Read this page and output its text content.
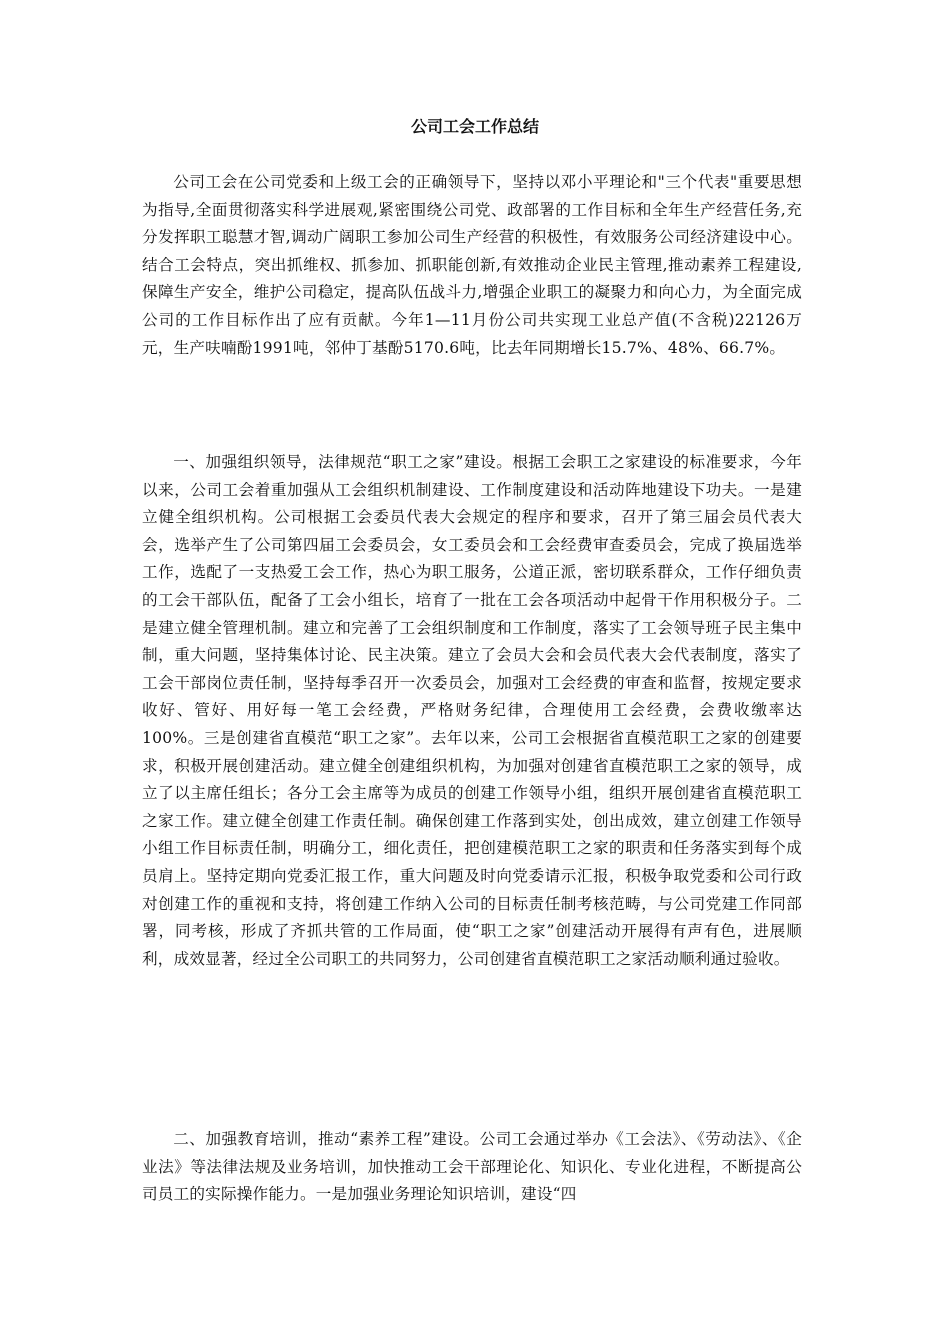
公司工会工作总结

公司工会在公司党委和上级工会的正确领导下，坚持以邓小平理论和"三个代表"重要思想为指导,全面贯彻落实科学进展观,紧密围绕公司党、政部署的工作目标和全年生产经营任务,充分发挥职工聪慧才智,调动广阔职工参加公司生产经营的积极性，有效服务公司经济建设中心。结合工会特点，突出抓维权、抓参加、抓职能创新,有效推动企业民主管理,推动素养工程建设,保障生产安全，维护公司稳定，提高队伍战斗力,增强企业职工的凝聚力和向心力，为全面完成公司的工作目标作出了应有贡献。今年1—11月份公司共实现工业总产值(不含税)22126万元，生产呋喃酚1991吨，邻仲丁基酚5170.6吨，比去年同期增长15.7%、48%、66.7%。

一、加强组织领导，法律规范“职工之家”建设。根据工会职工之家建设的标准要求，今年以来，公司工会着重加强从工会组织机制建设、工作制度建设和活动阵地建设下功夫。一是建立健全组织机构。公司根据工会委员代表大会规定的程序和要求，召开了第三届会员代表大会，选举产生了公司第四届工会委员会，女工委员会和工会经费审查委员会，完成了换届选举工作，选配了一支热爱工会工作，热心为职工服务，公道正派，密切联系群众，工作仔细负责的工会干部队伍，配备了工会小组长，培育了一批在工会各项活动中起骨干作用积极分子。二是建立健全管理机制。建立和完善了工会组织制度和工作制度，落实了工会领导班子民主集中制，重大问题，坚持集体讨论、民主决策。建立了会员大会和会员代表大会代表制度，落实了工会干部岗位责任制，坚持每季召开一次委员会，加强对工会经费的审查和监督，按规定要求收好、管好、用好每一笔工会经费，严格财务纪律，合理使用工会经费，会费收缴率达100%。三是创建省直模范“职工之家”。去年以来，公司工会根据省直模范职工之家的创建要求，积极开展创建活动。建立健全创建组织机构，为加强对创建省直模范职工之家的领导，成立了以主席任组长；各分工会主席等为成员的创建工作领导小组，组织开展创建省直模范职工之家工作。建立健全创建工作责任制。确保创建工作落到实处，创出成效，建立创建工作领导小组工作目标责任制，明确分工，细化责任，把创建模范职工之家的职责和任务落实到每个成员肩上。坚持定期向党委汇报工作，重大问题及时向党委请示汇报，积极争取党委和公司行政对创建工作的重视和支持，将创建工作纳入公司的目标责任制考核范畴，与公司党建工作同部署，同考核，形成了齐抓共管的工作局面，使“职工之家”创建活动开展得有声有色，进展顺利，成效显著，经过全公司职工的共同努力，公司创建省直模范职工之家活动顺利通过验收。

二、加强教育培训，推动“素养工程”建设。公司工会通过举办《工会法》、《劳动法》、《企业法》等法律法规及业务培训，加快推动工会干部理论化、知识化、专业化进程，不断提高公司员工的实际操作能力。一是加强业务理论知识培训，建设“四
